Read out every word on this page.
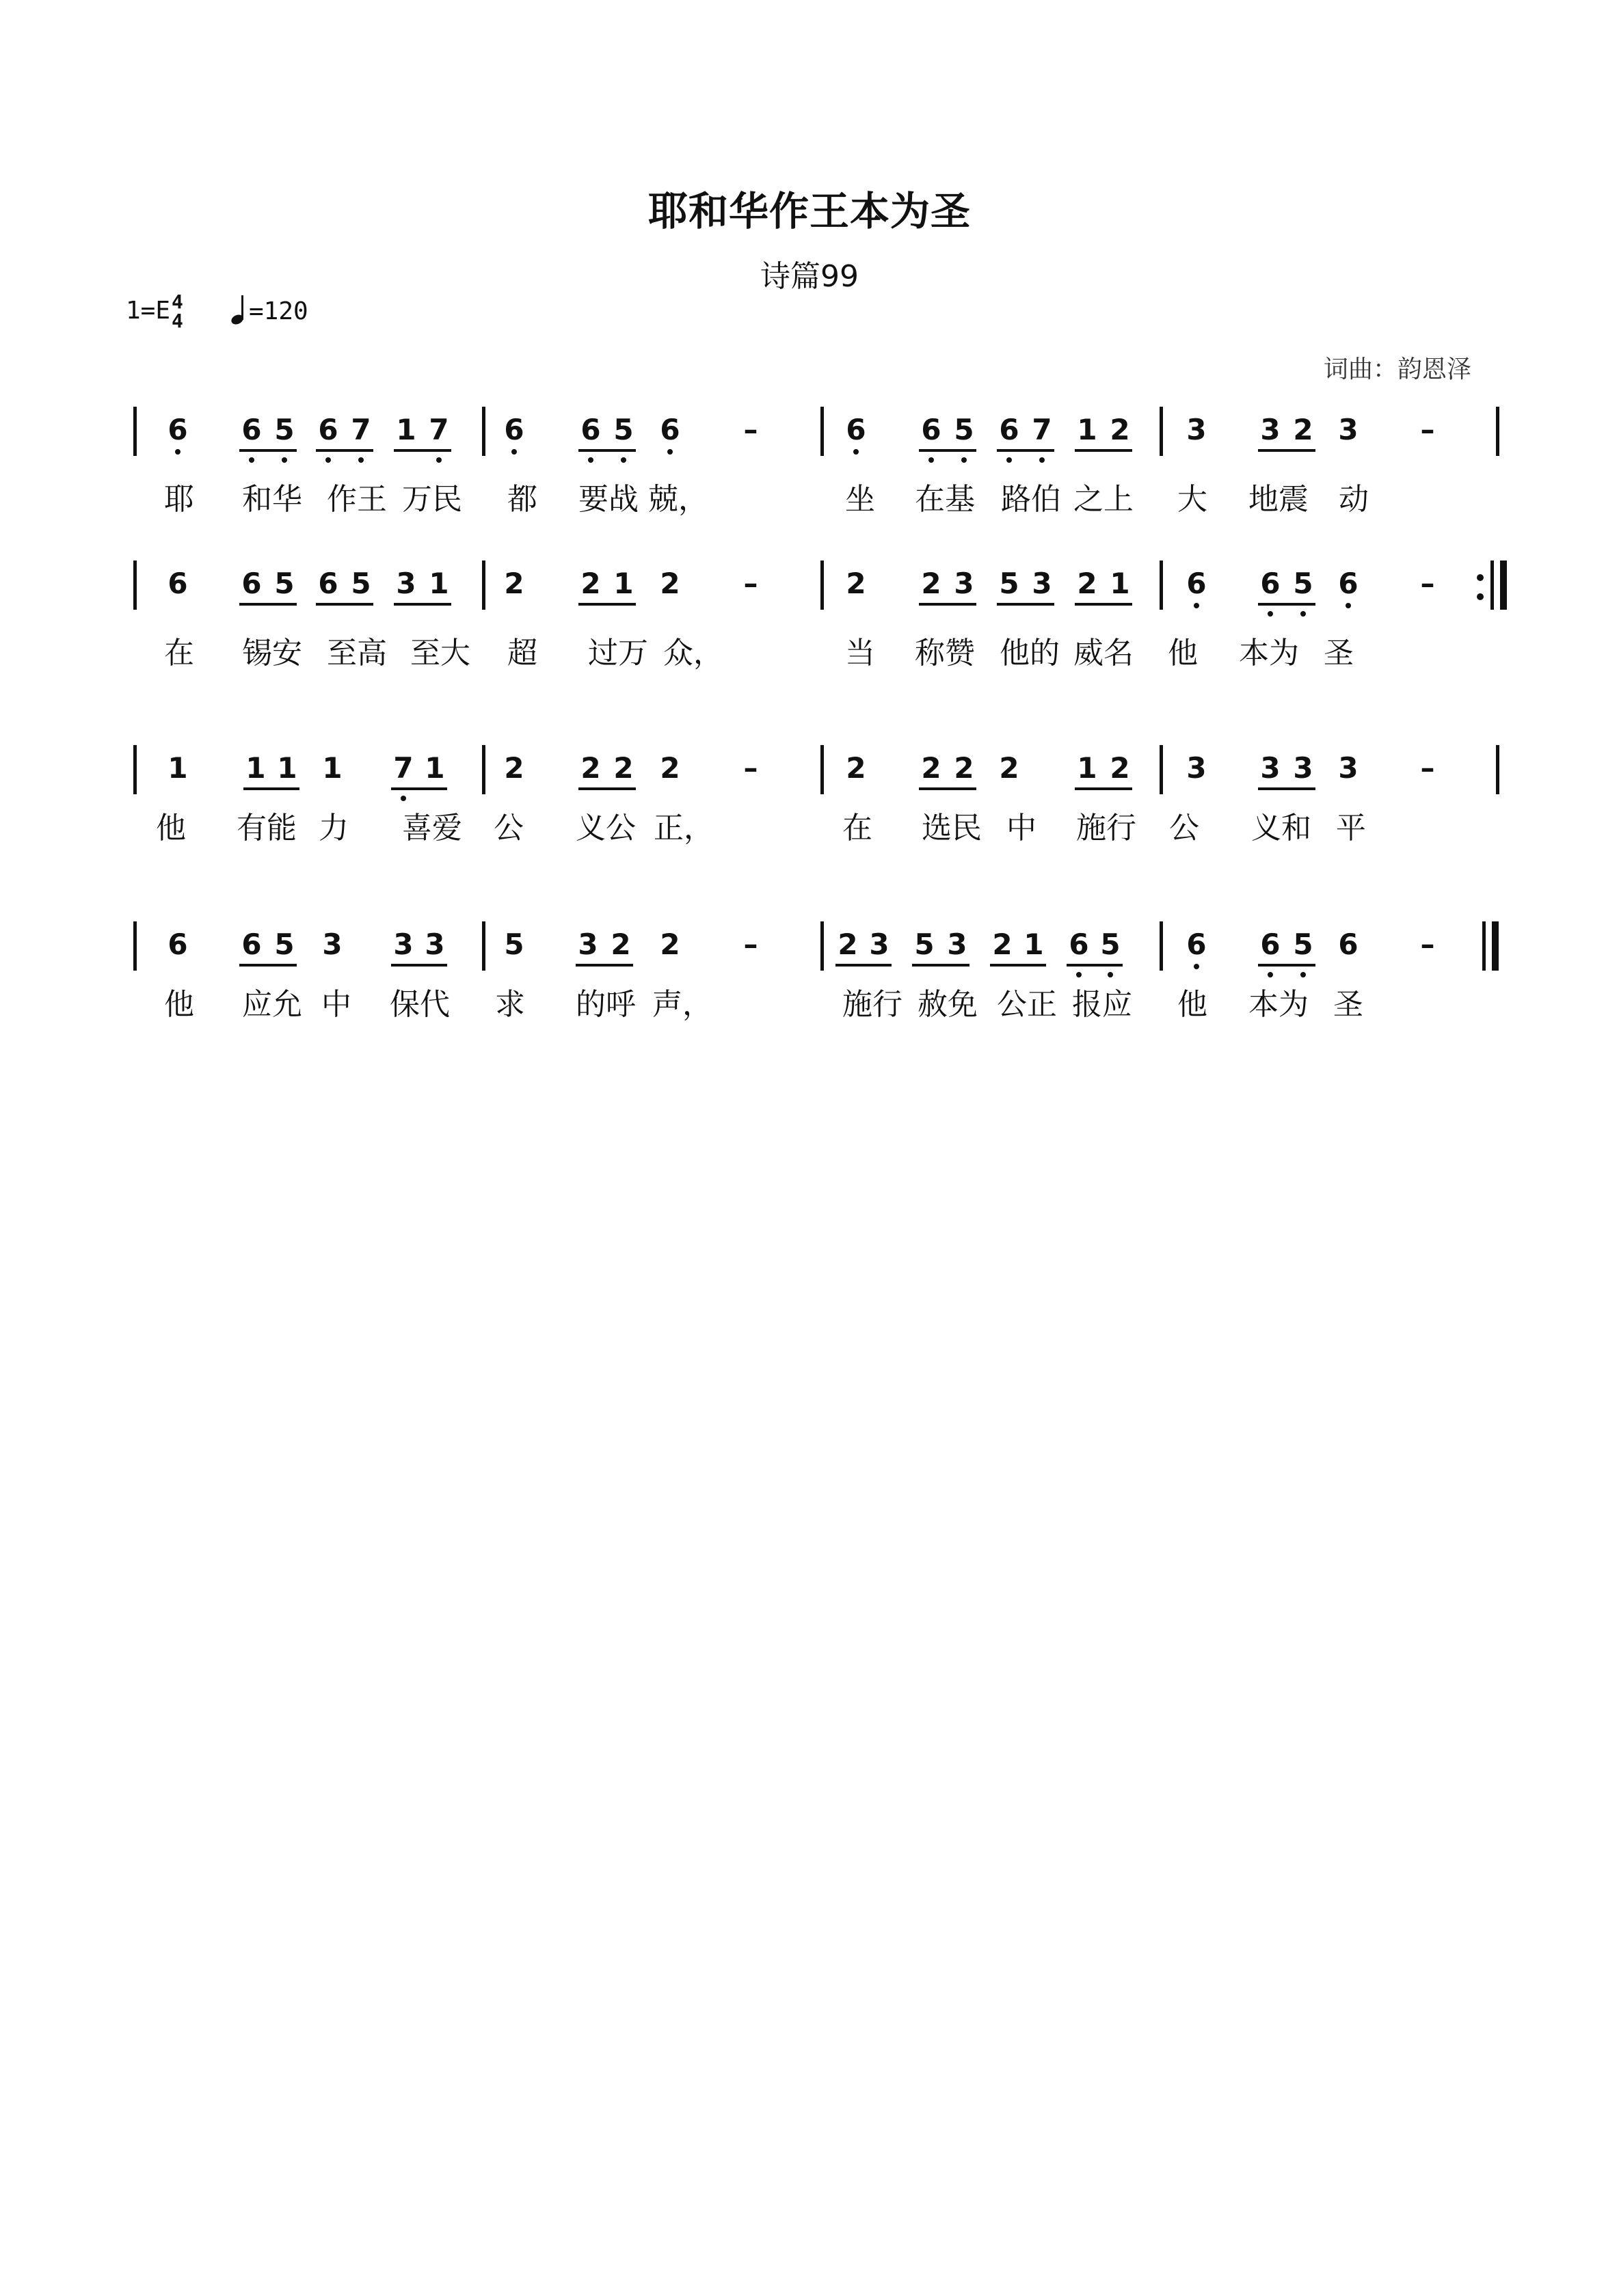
耶和华作王本为圣
诗篇99
1=E 4
4	=120
词曲：韵恩泽
6 6 5 6 7 1 7 6 6 5 6 –	6 6 5 6 7 1 2 3 3 2 3 –
耶 和华 作王 万民 都 要战 兢，	坐 在基 路伯 之上 大 地震 动
6 6 5 6 5 3 1 2 2 1 2 –	2 2 3 5 3 2 1 6 6 5 6 –
在 锡安 至高 至大 超 过万 众，	当 称赞 他的 威名 他 本为 圣
1 1 1 1 7 1 2 2 2 2 –	2 2 2 2 1 2 3 3 3 3 –
他 有能 力 喜爱 公 义公 正，	在 选民 中 施行 公 义和 平
6 6 5 3 3 3 5 3 2 2 –	2 3 5 3 2 1 6 5 6 6 5 6 –
他 应允 中 保代 求 的呼 声，	施行 赦免 公正 报应 他 本为 圣
